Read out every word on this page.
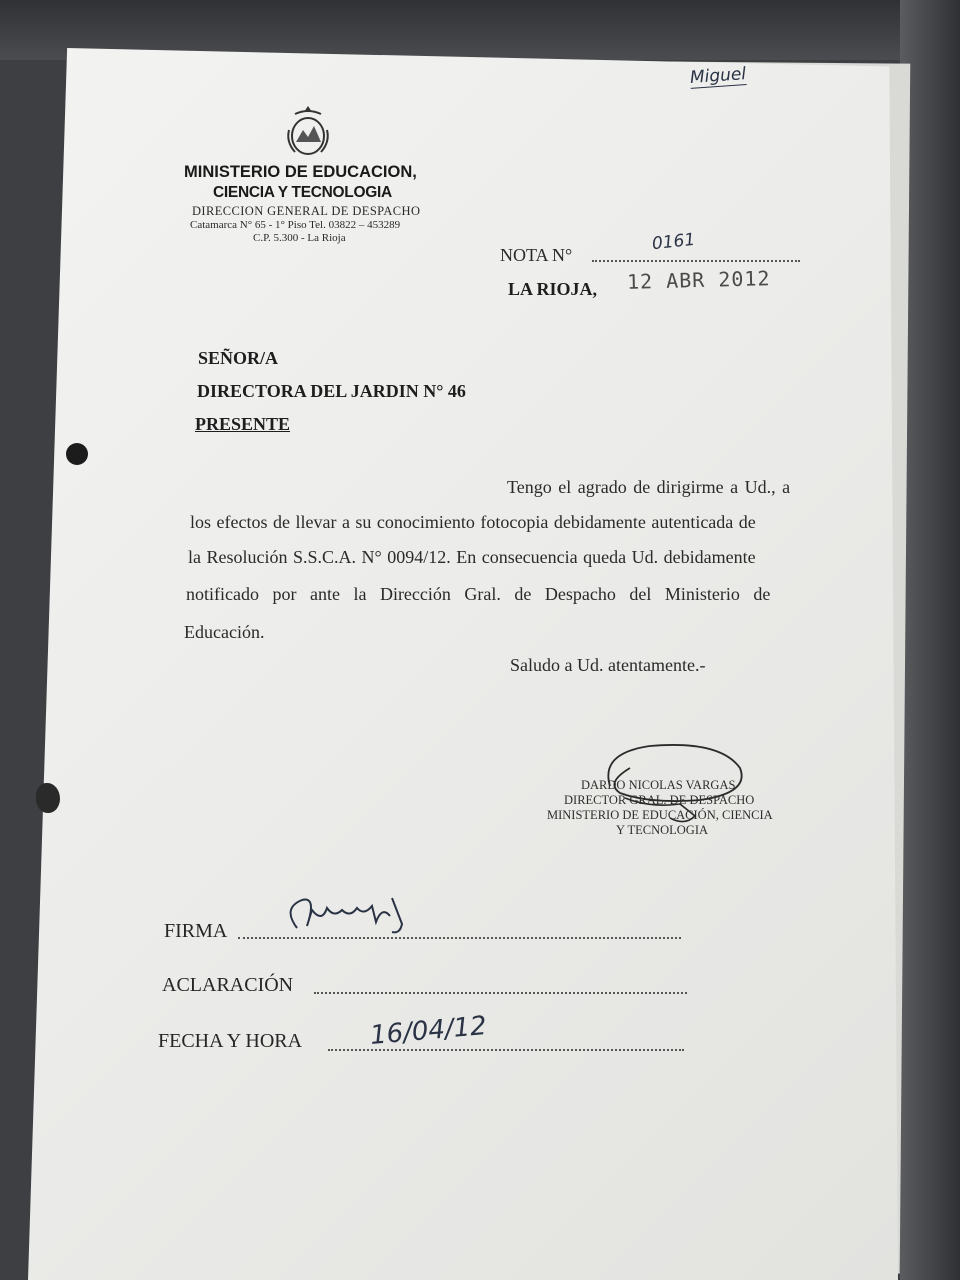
Miguel
MINISTERIO DE EDUCACION,
CIENCIA Y TECNOLOGIA
DIRECCION GENERAL DE DESPACHO
Catamarca N° 65 - 1° Piso Tel. 03822 – 453289
C.P. 5.300 - La Rioja
NOTA N°
0161
LA RIOJA, 12 ABR 2012
SEÑOR/A
DIRECTORA DEL JARDIN N° 46
PRESENTE
Tengo el agrado de dirigirme a Ud., a
los efectos de llevar a su conocimiento fotocopia debidamente autenticada de
la Resolución S.S.C.A. N° 0094/12. En consecuencia queda Ud. debidamente
notificado por ante la Dirección Gral. de Despacho del Ministerio de
Educación.
Saludo a Ud. atentamente.-
DARDO NICOLAS VARGAS
DIRECTOR GRAL. DE DESPACHO
MINISTERIO DE EDUCACIÓN, CIENCIA
Y TECNOLOGIA
FIRMA
ACLARACIÓN
FECHA Y HORA	16/04/12
